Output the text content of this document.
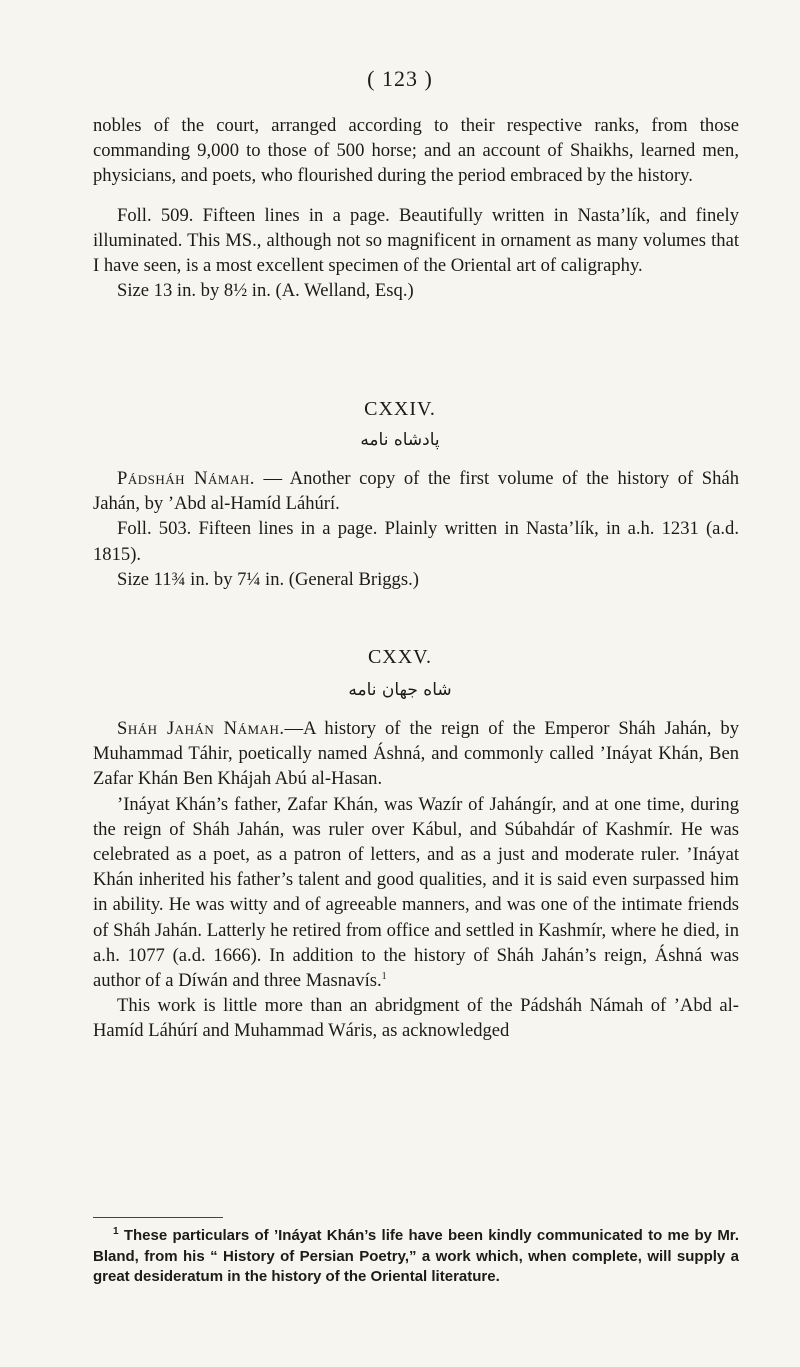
( 123 )

nobles of the court, arranged according to their respective ranks, from those commanding 9,000 to those of 500 horse; and an account of Shaikhs, learned men, physicians, and poets, who flourished during the period embraced by the history.

Foll. 509. Fifteen lines in a page. Beautifully written in Nasta’lík, and finely illuminated. This MS., although not so magnificent in ornament as many volumes that I have seen, is a most excellent specimen of the Oriental art of caligraphy.

Size 13 in. by 8½ in. (A. Welland, Esq.)

CXXIV.
پادشاه نامه

Pádsháh Námah. — Another copy of the first volume of the history of Sháh Jahán, by ’Abd al-Hamíd Láhúrí.

Foll. 503. Fifteen lines in a page. Plainly written in Nasta’lík, in a.h. 1231 (a.d. 1815).

Size 11¾ in. by 7¼ in. (General Briggs.)

CXXV.
شاه جهان نامه

Sháh Jahán Námah.—A history of the reign of the Emperor Sháh Jahán, by Muhammad Táhir, poetically named Áshná, and commonly called ’Ináyat Khán, Ben Zafar Khán Ben Khájah Abú al-Hasan.

’Ináyat Khán’s father, Zafar Khán, was Wazír of Jahángír, and at one time, during the reign of Sháh Jahán, was ruler over Kábul, and Súbahdár of Kashmír. He was celebrated as a poet, as a patron of letters, and as a just and moderate ruler. ’Ináyat Khán inherited his father’s talent and good qualities, and it is said even surpassed him in ability. He was witty and of agreeable manners, and was one of the intimate friends of Sháh Jahán. Latterly he retired from office and settled in Kashmír, where he died, in a.h. 1077 (a.d. 1666). In addition to the history of Sháh Jahán’s reign, Áshná was author of a Díwán and three Masnavís.$^1$

This work is little more than an abridgment of the Pádsháh Námah of ’Abd al-Hamíd Láhúrí and Muhammad Wáris, as acknowledged

$^1$ These particulars of ’Ináyat Khán’s life have been kindly communicated to me by Mr. Bland, from his “ History of Persian Poetry,” a work which, when complete, will supply a great desideratum in the history of the Oriental literature.
